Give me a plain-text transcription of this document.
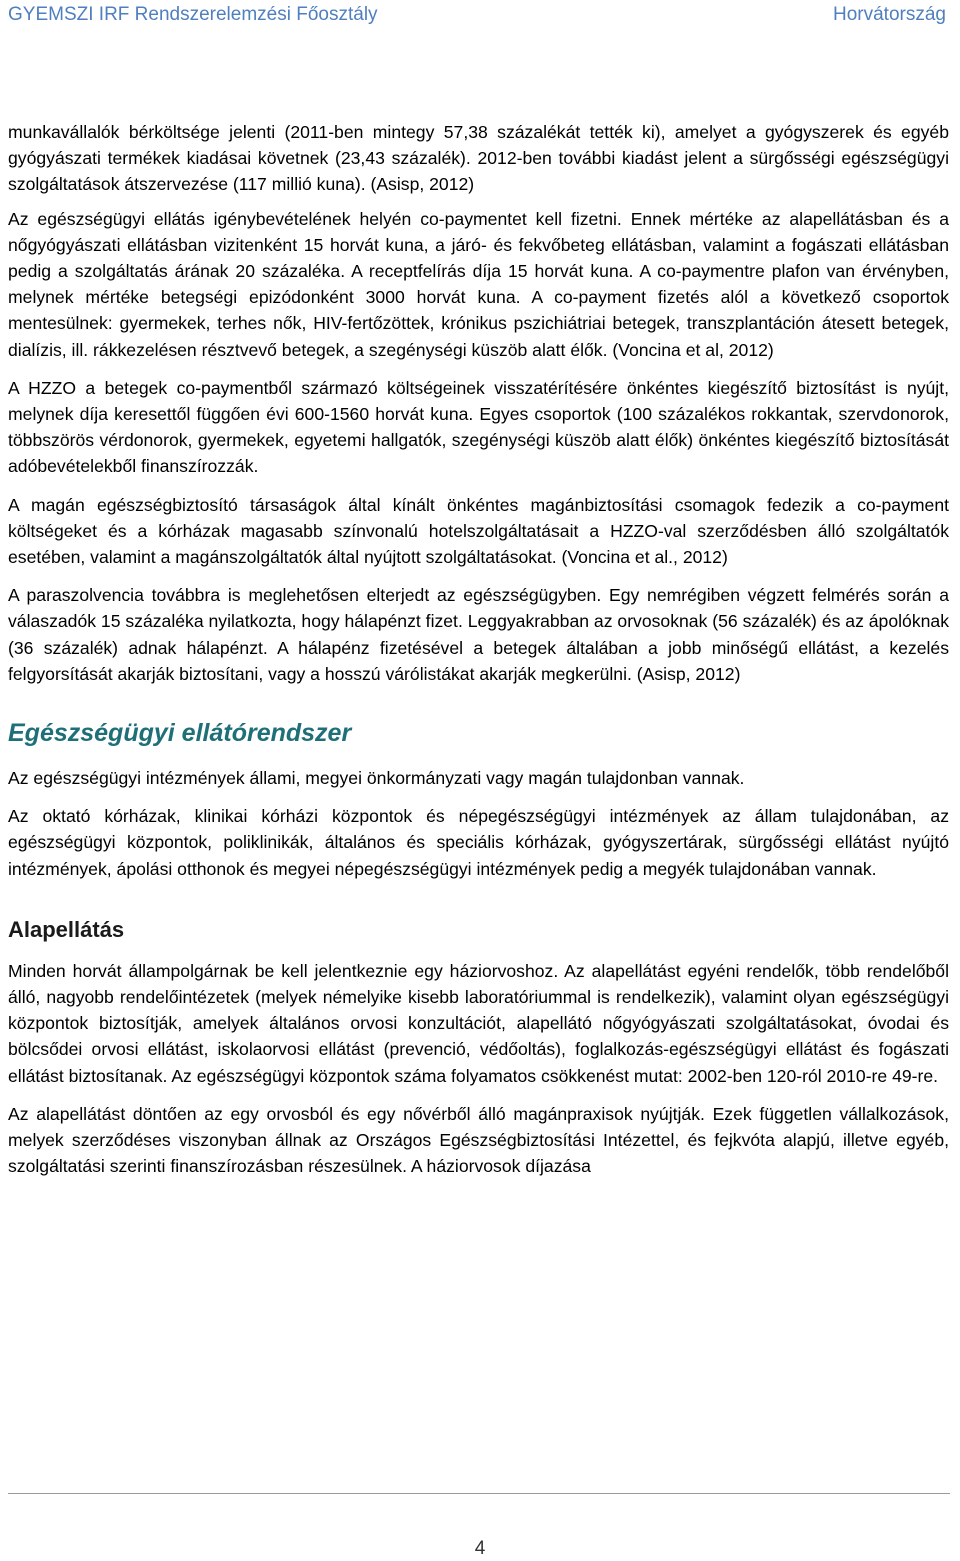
GYEMSZI IRF Rendszerelemzési Főosztály	Horvátország

munkavállalók bérköltsége jelenti (2011-ben mintegy 57,38 százalékát tették ki), amelyet a gyógyszerek és egyéb gyógyászati termékek kiadásai követnek (23,43 százalék). 2012-ben további kiadást jelent a sürgősségi egészségügyi szolgáltatások átszervezése (117 millió kuna). (Asisp, 2012)

Az egészségügyi ellátás igénybevételének helyén co-paymentet kell fizetni. Ennek mértéke az alapellátásban és a nőgyógyászati ellátásban vizitenként 15 horvát kuna, a járó- és fekvőbeteg ellátásban, valamint a fogászati ellátásban pedig a szolgáltatás árának 20 százaléka. A receptfelírás díja 15 horvát kuna. A co-paymentre plafon van érvényben, melynek mértéke betegségi epizódonként 3000 horvát kuna. A co-payment fizetés alól a következő csoportok mentesülnek: gyermekek, terhes nők, HIV-fertőzöttek, krónikus pszichiátriai betegek, transzplantáción átesett betegek, dialízis, ill. rákkezelésen résztvevő betegek, a szegénységi küszöb alatt élők. (Voncina et al, 2012)

A HZZO a betegek co-paymentből származó költségeinek visszatérítésére önkéntes kiegészítő biztosítást is nyújt, melynek díja keresettől függően évi 600-1560 horvát kuna. Egyes csoportok (100 százalékos rokkantak, szervdonorok, többszörös vérdonorok, gyermekek, egyetemi hallgatók, szegénységi küszöb alatt élők) önkéntes kiegészítő biztosítását adóbevételekből finanszírozzák.

A magán egészségbiztosító társaságok által kínált önkéntes magánbiztosítási csomagok fedezik a co-payment költségeket és a kórházak magasabb színvonalú hotelszolgáltatásait a HZZO-val szerződésben álló szolgáltatók esetében, valamint a magánszolgáltatók által nyújtott szolgáltatásokat. (Voncina et al., 2012)

A paraszolvencia továbbra is meglehetősen elterjedt az egészségügyben. Egy nemrégiben végzett felmérés során a válaszadók 15 százaléka nyilatkozta, hogy hálapénzt fizet. Leggyakrabban az orvosoknak (56 százalék) és az ápolóknak (36 százalék) adnak hálapénzt. A hálapénz fizetésével a betegek általában a jobb minőségű ellátást, a kezelés felgyorsítását akarják biztosítani, vagy a hosszú várólistákat akarják megkerülni. (Asisp, 2012)

Egészségügyi ellátórendszer

Az egészségügyi intézmények állami, megyei önkormányzati vagy magán tulajdonban vannak.

Az oktató kórházak, klinikai kórházi központok és népegészségügyi intézmények az állam tulajdonában, az egészségügyi központok, poliklinikák, általános és speciális kórházak, gyógyszertárak, sürgősségi ellátást nyújtó intézmények, ápolási otthonok és megyei népegészségügyi intézmények pedig a megyék tulajdonában vannak.

Alapellátás

Minden horvát állampolgárnak be kell jelentkeznie egy háziorvoshoz. Az alapellátást egyéni rendelők, több rendelőből álló, nagyobb rendelőintézetek (melyek némelyike kisebb laboratóriummal is rendelkezik), valamint olyan egészségügyi központok biztosítják, amelyek általános orvosi konzultációt, alapellátó nőgyógyászati szolgáltatásokat, óvodai és bölcsődei orvosi ellátást, iskolaorvosi ellátást (prevenció, védőoltás), foglalkozás-egészségügyi ellátást és fogászati ellátást biztosítanak. Az egészségügyi központok száma folyamatos csökkenést mutat: 2002-ben 120-ról 2010-re 49-re.

Az alapellátást döntően az egy orvosból és egy nővérből álló magánpraxisok nyújtják. Ezek független vállalkozások, melyek szerződéses viszonyban állnak az Országos Egészségbiztosítási Intézettel, és fejkvóta alapjú, illetve egyéb, szolgáltatási szerinti finanszírozásban részesülnek. A háziorvosok díjazása

4
